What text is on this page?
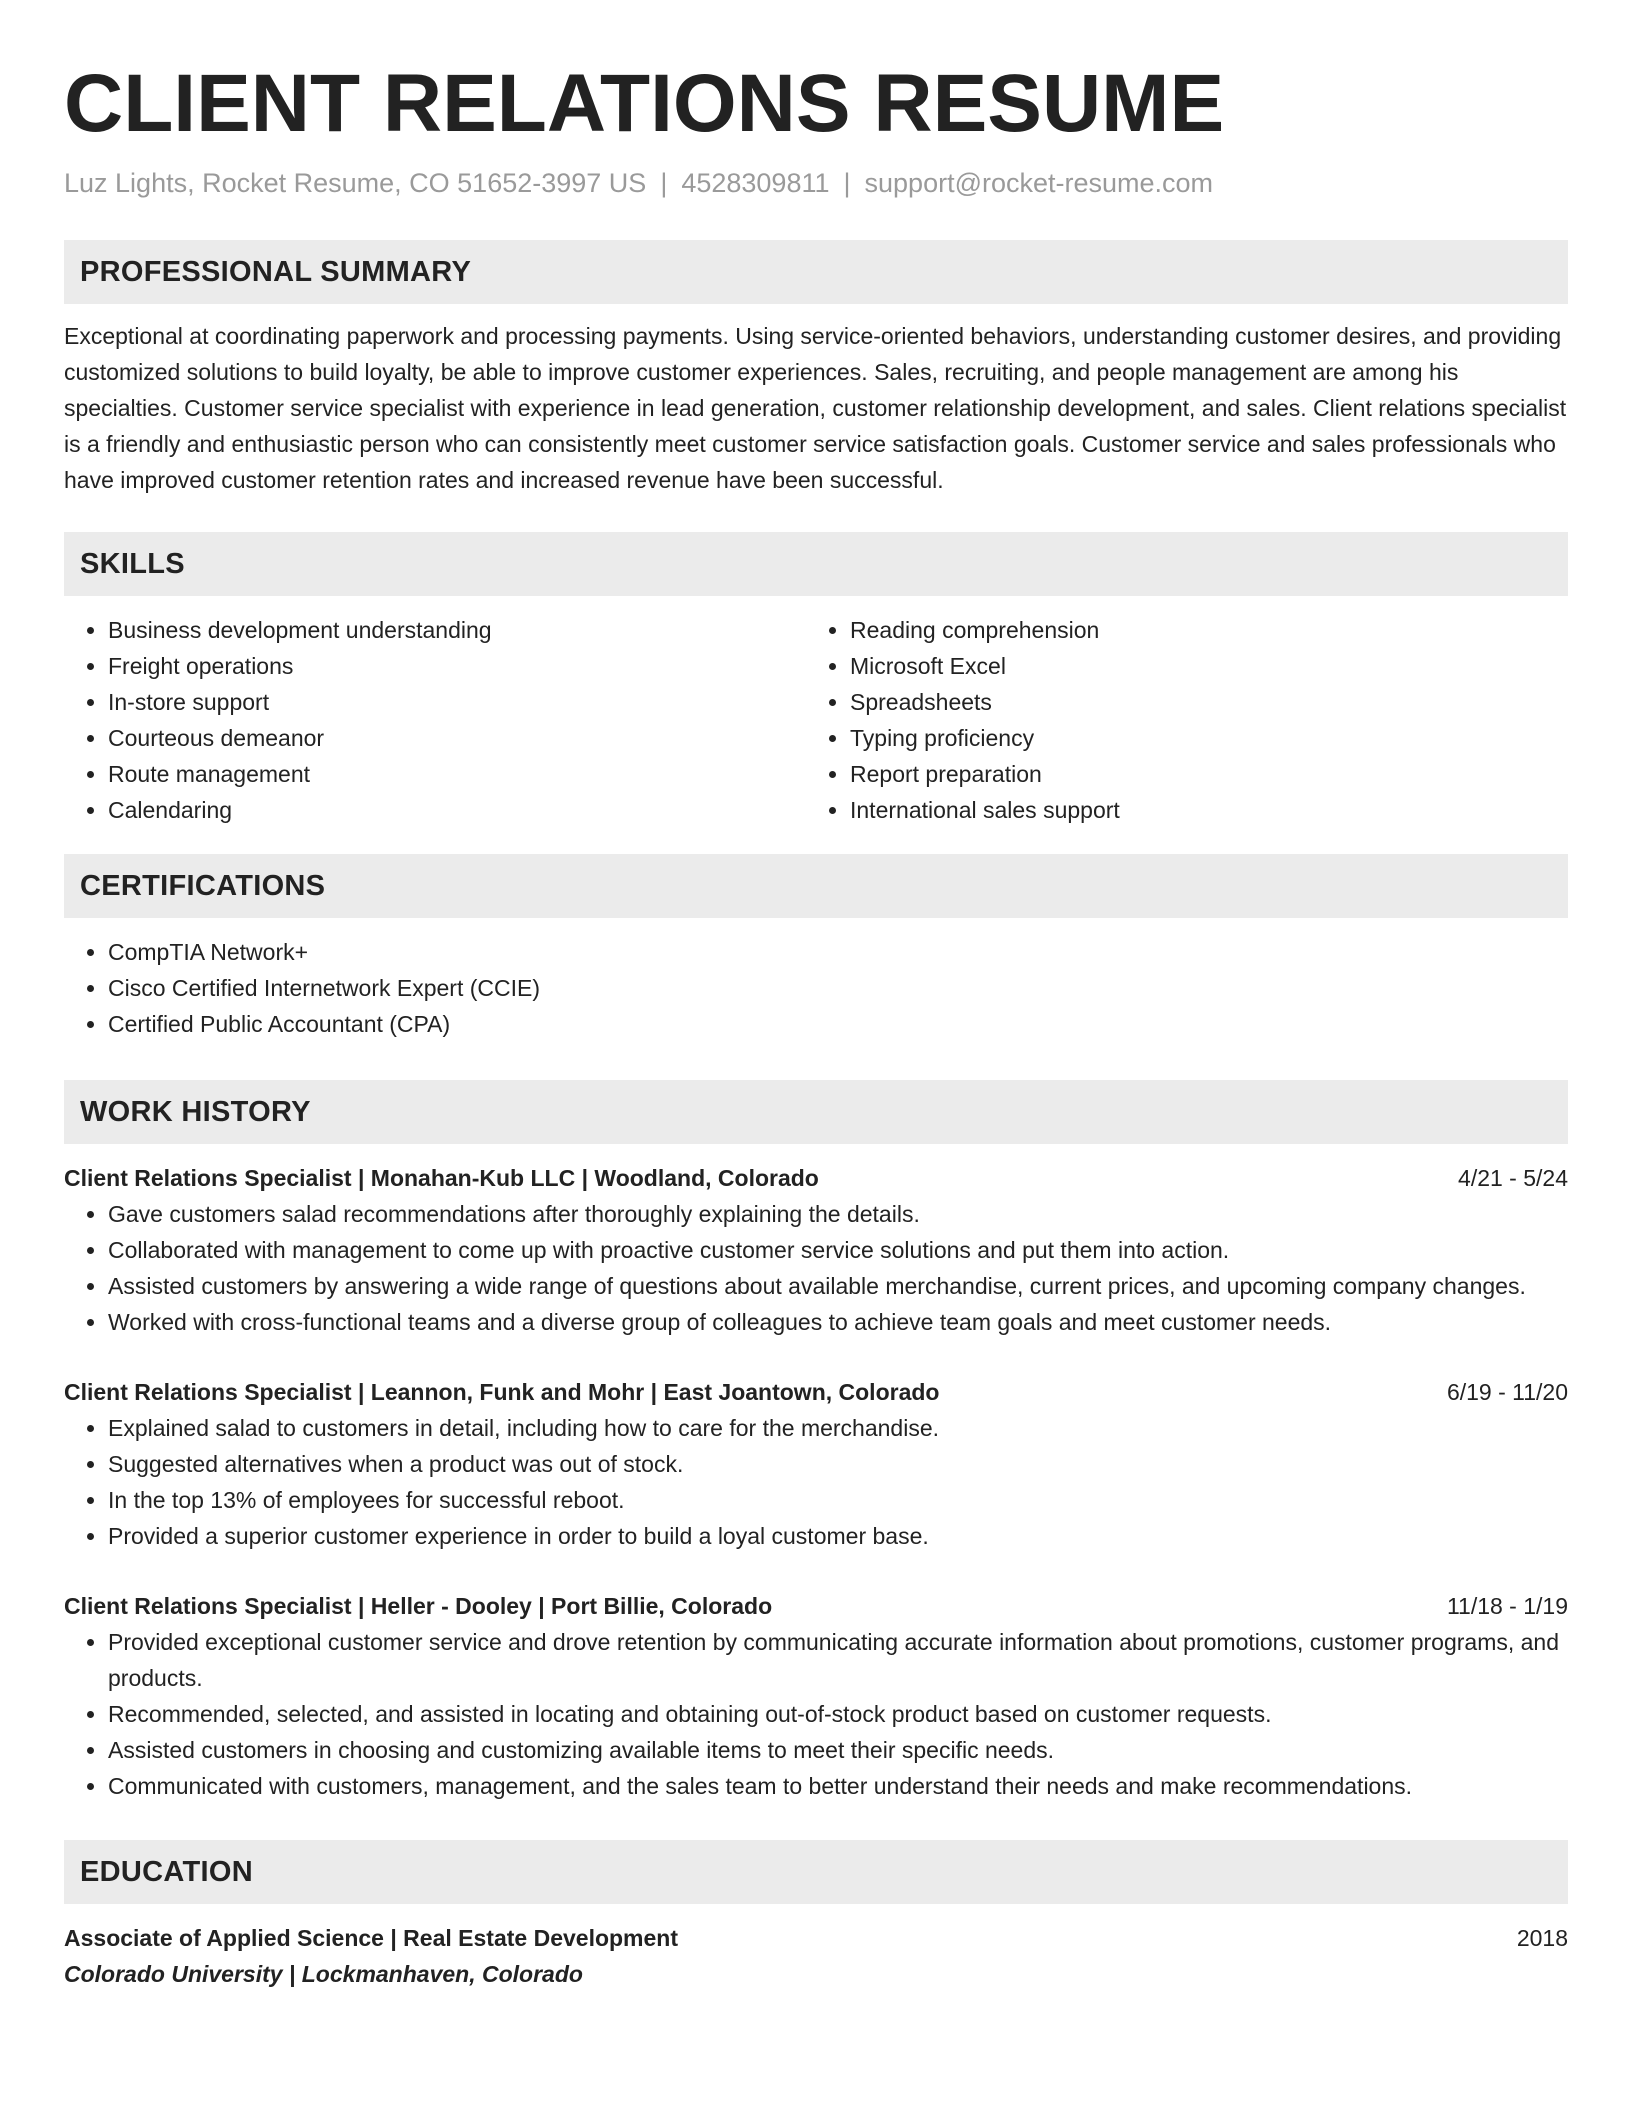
CLIENT RELATIONS RESUME
Luz Lights, Rocket Resume, CO 51652-3997 US | 4528309811 | support@rocket-resume.com
PROFESSIONAL SUMMARY
Exceptional at coordinating paperwork and processing payments. Using service-oriented behaviors, understanding customer desires, and providing customized solutions to build loyalty, be able to improve customer experiences. Sales, recruiting, and people management are among his specialties. Customer service specialist with experience in lead generation, customer relationship development, and sales. Client relations specialist is a friendly and enthusiastic person who can consistently meet customer service satisfaction goals. Customer service and sales professionals who have improved customer retention rates and increased revenue have been successful.
SKILLS
• Business development understanding
• Freight operations
• In-store support
• Courteous demeanor
• Route management
• Calendaring
• Reading comprehension
• Microsoft Excel
• Spreadsheets
• Typing proficiency
• Report preparation
• International sales support
CERTIFICATIONS
• CompTIA Network+
• Cisco Certified Internetwork Expert (CCIE)
• Certified Public Accountant (CPA)
WORK HISTORY
Client Relations Specialist | Monahan-Kub LLC | Woodland, Colorado	4/21 - 5/24
• Gave customers salad recommendations after thoroughly explaining the details.
• Collaborated with management to come up with proactive customer service solutions and put them into action.
• Assisted customers by answering a wide range of questions about available merchandise, current prices, and upcoming company changes.
• Worked with cross-functional teams and a diverse group of colleagues to achieve team goals and meet customer needs.
Client Relations Specialist | Leannon, Funk and Mohr | East Joantown, Colorado	6/19 - 11/20
• Explained salad to customers in detail, including how to care for the merchandise.
• Suggested alternatives when a product was out of stock.
• In the top 13% of employees for successful reboot.
• Provided a superior customer experience in order to build a loyal customer base.
Client Relations Specialist | Heller - Dooley | Port Billie, Colorado	11/18 - 1/19
• Provided exceptional customer service and drove retention by communicating accurate information about promotions, customer programs, and products.
• Recommended, selected, and assisted in locating and obtaining out-of-stock product based on customer requests.
• Assisted customers in choosing and customizing available items to meet their specific needs.
• Communicated with customers, management, and the sales team to better understand their needs and make recommendations.
EDUCATION
Associate of Applied Science | Real Estate Development	2018
Colorado University | Lockmanhaven, Colorado
